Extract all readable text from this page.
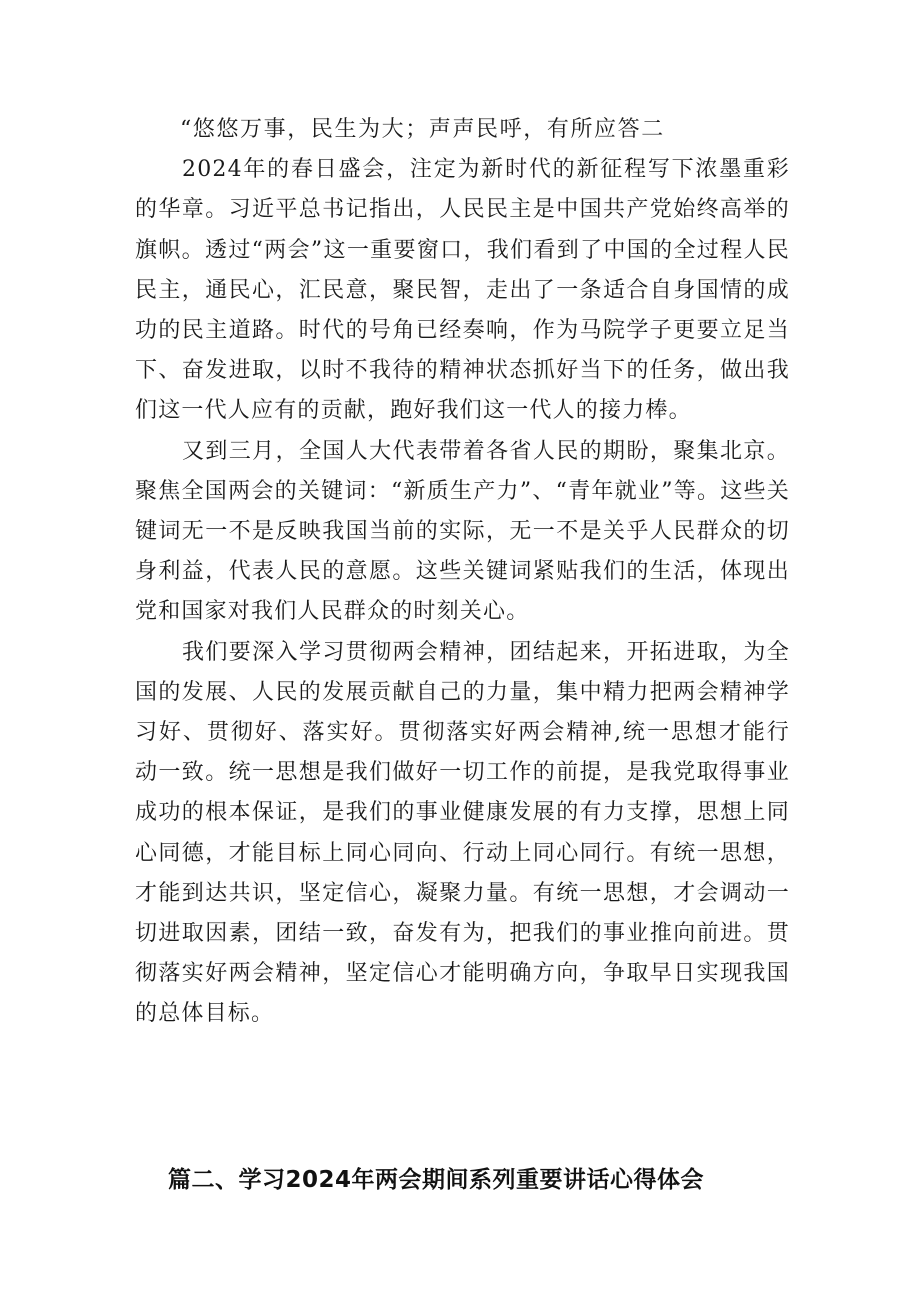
“悠悠万事，民生为大；声声民呼，有所应答二

2024年的春日盛会，注定为新时代的新征程写下浓墨重彩的华章。习近平总书记指出，人民民主是中国共产党始终高举的旗帜。透过“两会”这一重要窗口，我们看到了中国的全过程人民民主，通民心，汇民意，聚民智，走出了一条适合自身国情的成功的民主道路。时代的号角已经奏响，作为马院学子更要立足当下、奋发进取，以时不我待的精神状态抓好当下的任务，做出我们这一代人应有的贡献，跑好我们这一代人的接力棒。

又到三月，全国人大代表带着各省人民的期盼，聚集北京。聚焦全国两会的关键词：“新质生产力”、“青年就业”等。这些关键词无一不是反映我国当前的实际，无一不是关乎人民群众的切身利益，代表人民的意愿。这些关键词紧贴我们的生活，体现出党和国家对我们人民群众的时刻关心。

我们要深入学习贯彻两会精神，团结起来，开拓进取，为全国的发展、人民的发展贡献自己的力量，集中精力把两会精神学习好、贯彻好、落实好。贯彻落实好两会精神,统一思想才能行动一致。统一思想是我们做好一切工作的前提，是我党取得事业成功的根本保证，是我们的事业健康发展的有力支撑，思想上同心同德，才能目标上同心同向、行动上同心同行。有统一思想，才能到达共识，坚定信心，凝聚力量。有统一思想，才会调动一切进取因素，团结一致，奋发有为，把我们的事业推向前进。贯彻落实好两会精神，坚定信心才能明确方向，争取早日实现我国的总体目标。

篇二、学习2024年两会期间系列重要讲话心得体会
